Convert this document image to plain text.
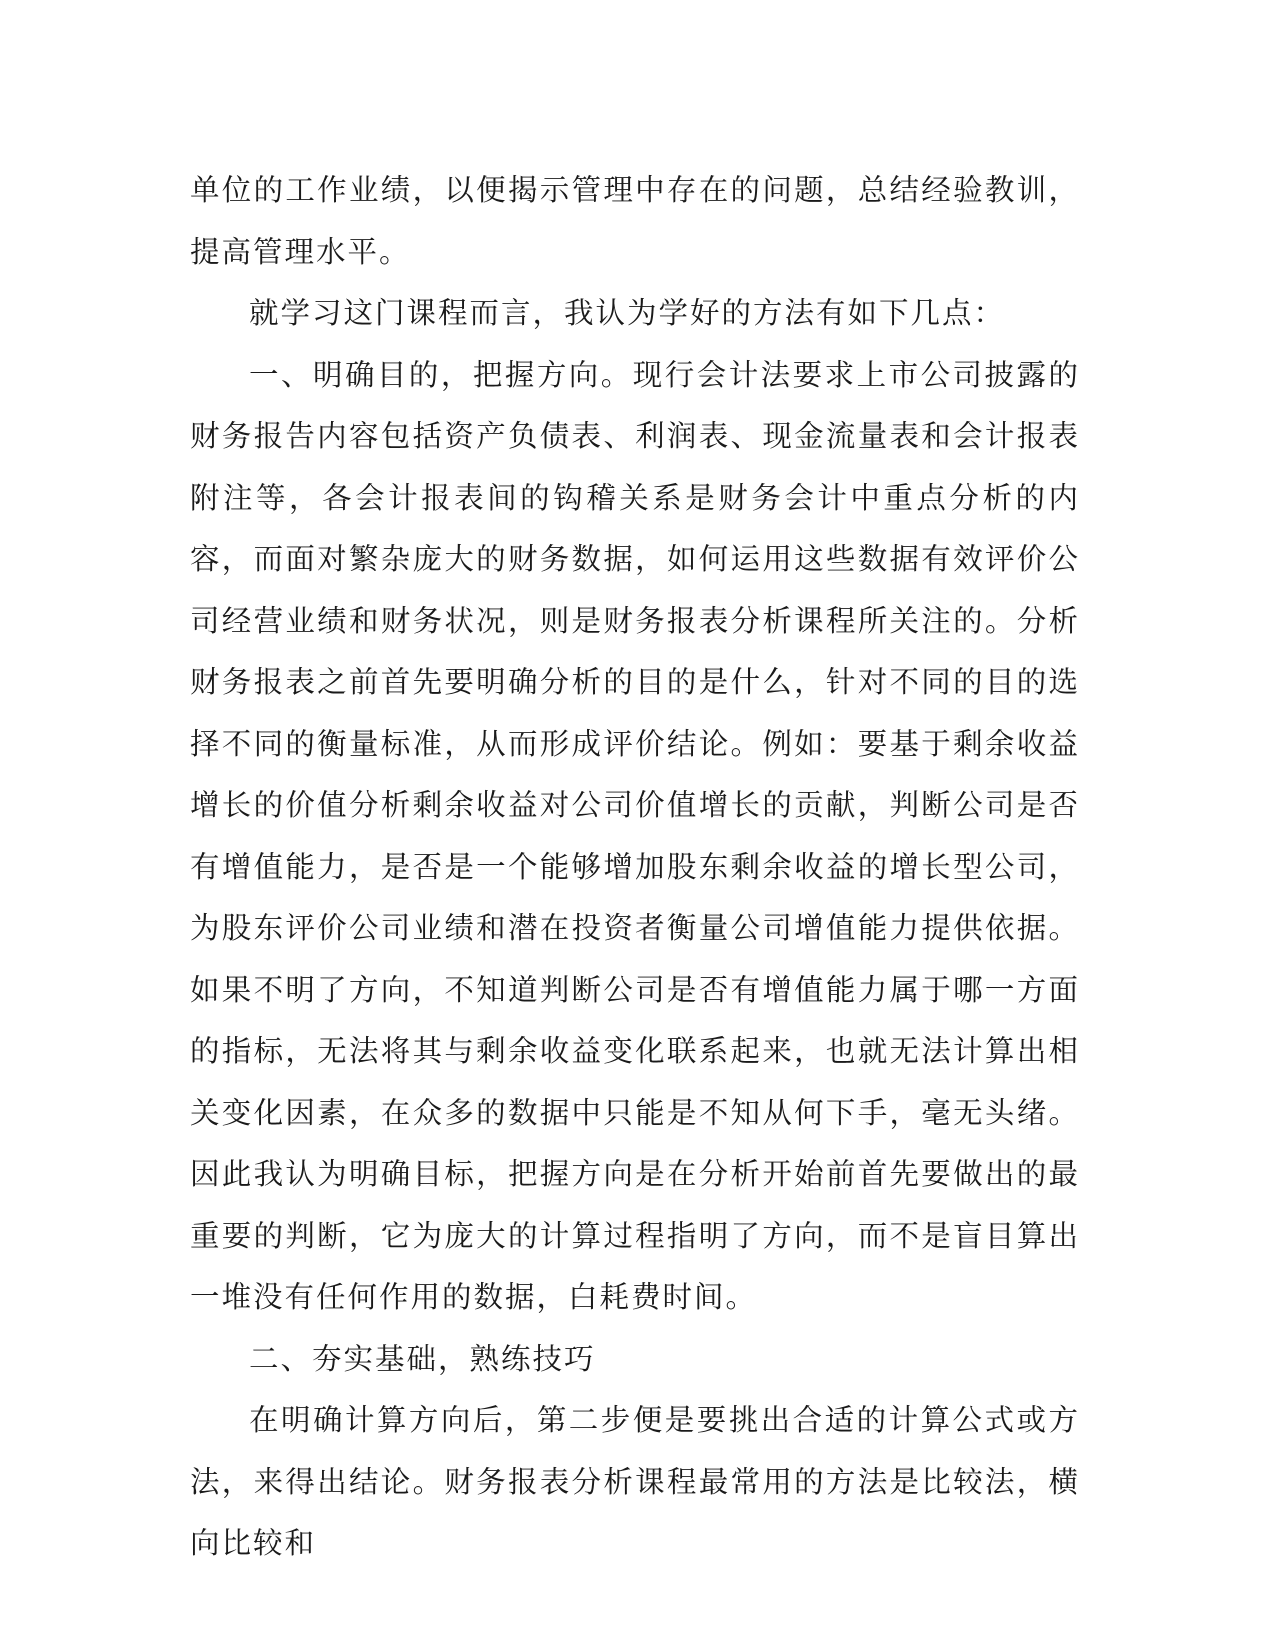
单位的工作业绩，以便揭示管理中存在的问题，总结经验教训，提高管理水平。

就学习这门课程而言，我认为学好的方法有如下几点：

一、明确目的，把握方向。现行会计法要求上市公司披露的财务报告内容包括资产负债表、利润表、现金流量表和会计报表附注等，各会计报表间的钩稽关系是财务会计中重点分析的内容，而面对繁杂庞大的财务数据，如何运用这些数据有效评价公司经营业绩和财务状况，则是财务报表分析课程所关注的。分析财务报表之前首先要明确分析的目的是什么，针对不同的目的选择不同的衡量标准，从而形成评价结论。例如：要基于剩余收益增长的价值分析剩余收益对公司价值增长的贡献，判断公司是否有增值能力，是否是一个能够增加股东剩余收益的增长型公司，为股东评价公司业绩和潜在投资者衡量公司增值能力提供依据。如果不明了方向，不知道判断公司是否有增值能力属于哪一方面的指标，无法将其与剩余收益变化联系起来，也就无法计算出相关变化因素，在众多的数据中只能是不知从何下手，毫无头绪。因此我认为明确目标，把握方向是在分析开始前首先要做出的最重要的判断，它为庞大的计算过程指明了方向，而不是盲目算出一堆没有任何作用的数据，白耗费时间。

二、夯实基础，熟练技巧

在明确计算方向后，第二步便是要挑出合适的计算公式或方法，来得出结论。财务报表分析课程最常用的方法是比较法，横向比较和
